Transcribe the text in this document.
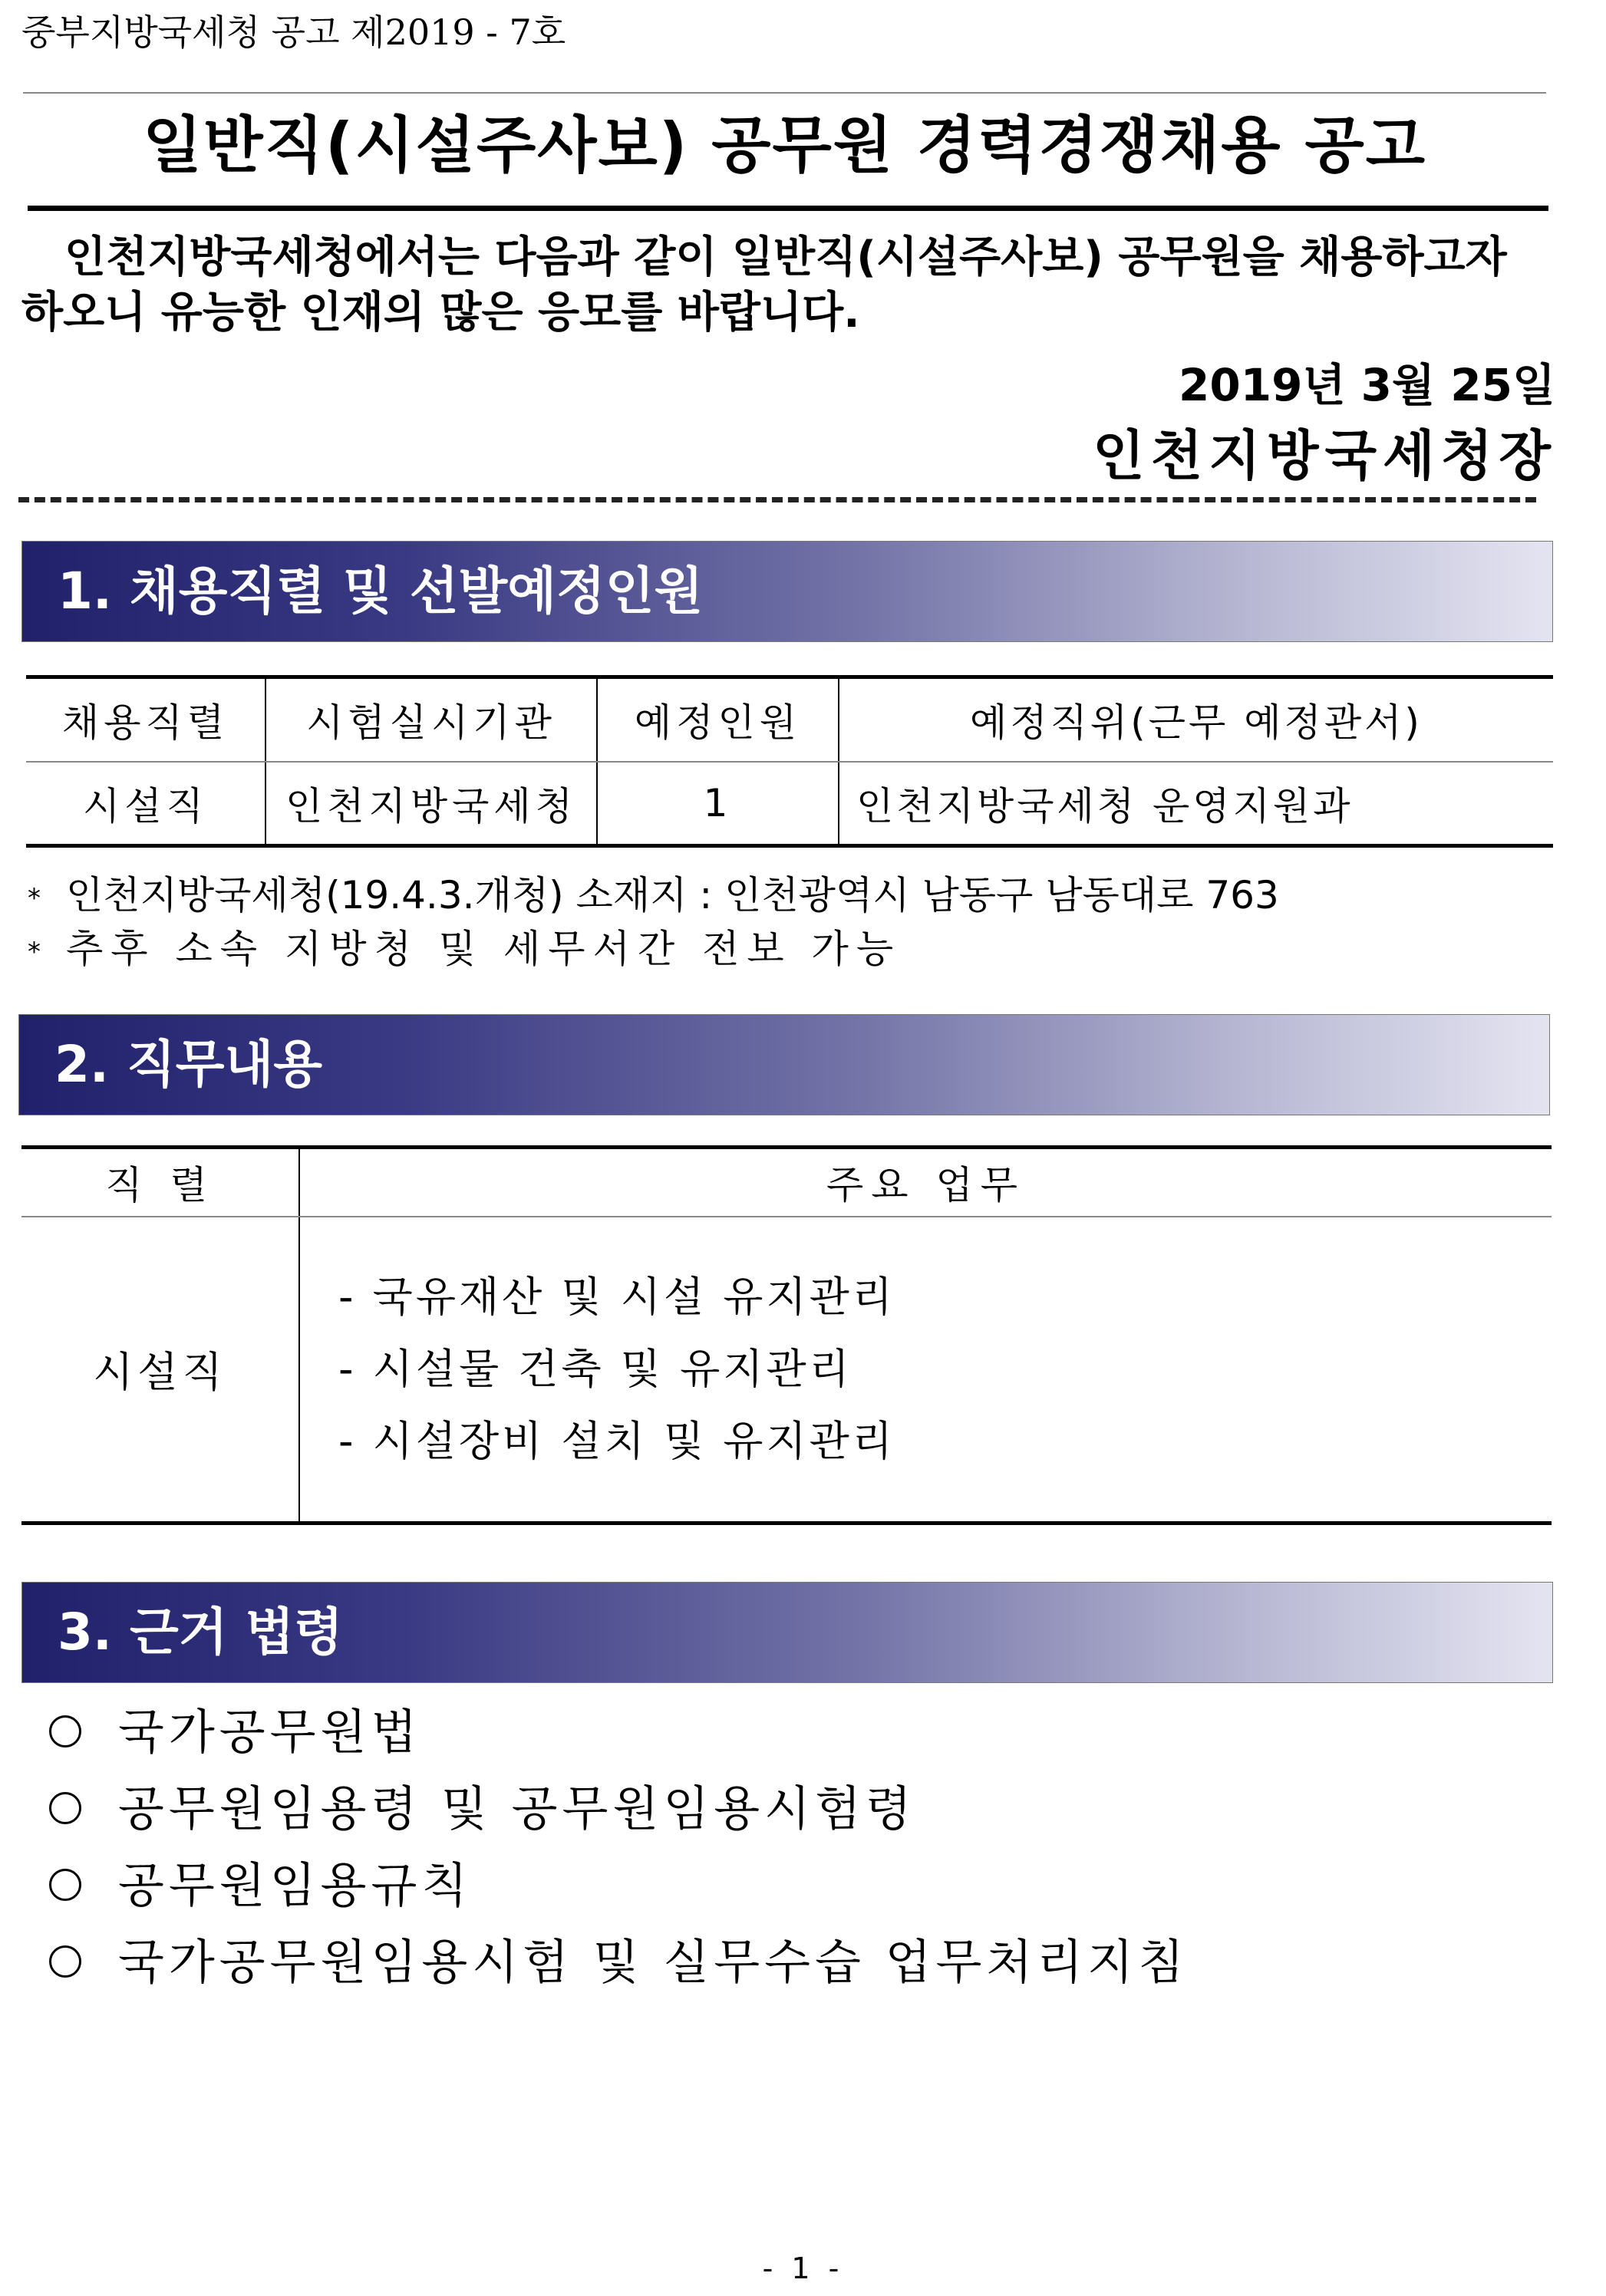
중부지방국세청 공고 제2019 - 7호
일반직(시설주사보) 공무원 경력경쟁채용 공고
인천지방국세청에서는 다음과 같이 일반직(시설주사보) 공무원을 채용하고자 하오니 유능한 인재의 많은 응모를 바랍니다.
2019년 3월 25일
인천지방국세청장
1. 채용직렬 및 선발예정인원
채용직렬	시험실시기관	예정인원	예정직위(근무 예정관서)
시설직	인천지방국세청	1	인천지방국세청 운영지원과
* 인천지방국세청(19.4.3.개청) 소재지 : 인천광역시 남동구 남동대로 763
* 추후 소속 지방청 및 세무서간 전보 가능
2. 직무내용
직 렬	주요 업무
시설직	- 국유재산 및 시설 유지관리
- 시설물 건축 및 유지관리
- 시설장비 설치 및 유지관리
3. 근거 법령
국가공무원법
공무원임용령 및 공무원임용시험령
공무원임용규칙
국가공무원임용시험 및 실무수습 업무처리지침
- 1 -
